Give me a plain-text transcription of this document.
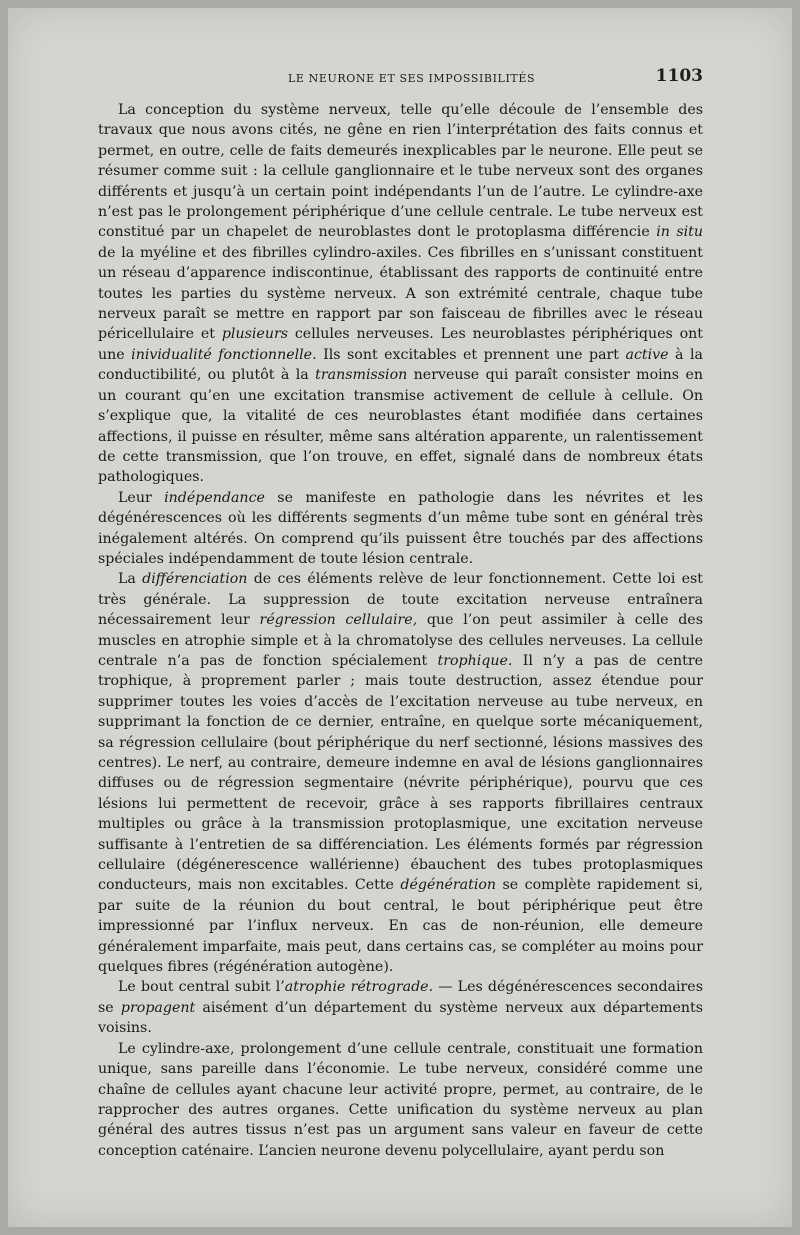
LE NEURONE ET SES IMPOSSIBILITÉS	1103

La conception du système nerveux, telle qu’elle découle de l’ensemble des travaux que nous avons cités, ne gêne en rien l’interprétation des faits connus et permet, en outre, celle de faits demeurés inexplicables par le neurone. Elle peut se résumer comme suit : la cellule ganglionnaire et le tube nerveux sont des organes différents et jusqu’à un certain point indépendants l’un de l’autre. Le cylindre-axe n’est pas le prolongement périphérique d’une cellule centrale. Le tube nerveux est constitué par un chapelet de neuroblastes dont le protoplasma différencie in situ de la myéline et des fibrilles cylindro-axiles. Ces fibrilles en s’unissant constituent un réseau d’apparence indiscontinue, établissant des rapports de continuité entre toutes les parties du système nerveux. A son extrémité centrale, chaque tube nerveux paraît se mettre en rapport par son faisceau de fibrilles avec le réseau péricellulaire et plusieurs cellules nerveuses. Les neuroblastes périphériques ont une inividualité fonctionnelle. Ils sont excitables et prennent une part active à la conductibilité, ou plutôt à la transmission nerveuse qui paraît consister moins en un courant qu’en une excitation transmise activement de cellule à cellule. On s’explique que, la vitalité de ces neuroblastes étant modifiée dans certaines affections, il puisse en résulter, même sans altération apparente, un ralentissement de cette transmission, que l’on trouve, en effet, signalé dans de nombreux états pathologiques.

Leur indépendance se manifeste en pathologie dans les névrites et les dégénérescences où les différents segments d’un même tube sont en général très inégalement altérés. On comprend qu’ils puissent être touchés par des affections spéciales indépendamment de toute lésion centrale.

La différenciation de ces éléments relève de leur fonctionnement. Cette loi est très générale. La suppression de toute excitation nerveuse entraînera nécessairement leur régression cellulaire, que l’on peut assimiler à celle des muscles en atrophie simple et à la chromatolyse des cellules nerveuses. La cellule centrale n’a pas de fonction spécialement trophique. Il n’y a pas de centre trophique, à proprement parler ; mais toute destruction, assez étendue pour supprimer toutes les voies d’accès de l’excitation nerveuse au tube nerveux, en supprimant la fonction de ce dernier, entraîne, en quelque sorte mécaniquement, sa régression cellulaire (bout périphérique du nerf sectionné, lésions massives des centres). Le nerf, au contraire, demeure indemne en aval de lésions ganglionnaires diffuses ou de régression segmentaire (névrite périphérique), pourvu que ces lésions lui permettent de recevoir, grâce à ses rapports fibrillaires centraux multiples ou grâce à la transmission protoplasmique, une excitation nerveuse suffisante à l’entretien de sa différenciation. Les éléments formés par régression cellulaire (dégénerescence wallérienne) ébauchent des tubes protoplasmiques conducteurs, mais non excitables. Cette dégénération se complète rapidement si, par suite de la réunion du bout central, le bout périphérique peut être impressionné par l’influx nerveux. En cas de non-réunion, elle demeure généralement imparfaite, mais peut, dans certains cas, se compléter au moins pour quelques fibres (régénération autogène).

Le bout central subit l’atrophie rétrograde. — Les dégénérescences secondaires se propagent aisément d’un département du système nerveux aux départements voisins.

Le cylindre-axe, prolongement d’une cellule centrale, constituait une formation unique, sans pareille dans l’économie. Le tube nerveux, considéré comme une chaîne de cellules ayant chacune leur activité propre, permet, au contraire, de le rapprocher des autres organes. Cette unification du système nerveux au plan général des autres tissus n’est pas un argument sans valeur en faveur de cette conception caténaire. L’ancien neurone devenu polycellulaire, ayant perdu son
